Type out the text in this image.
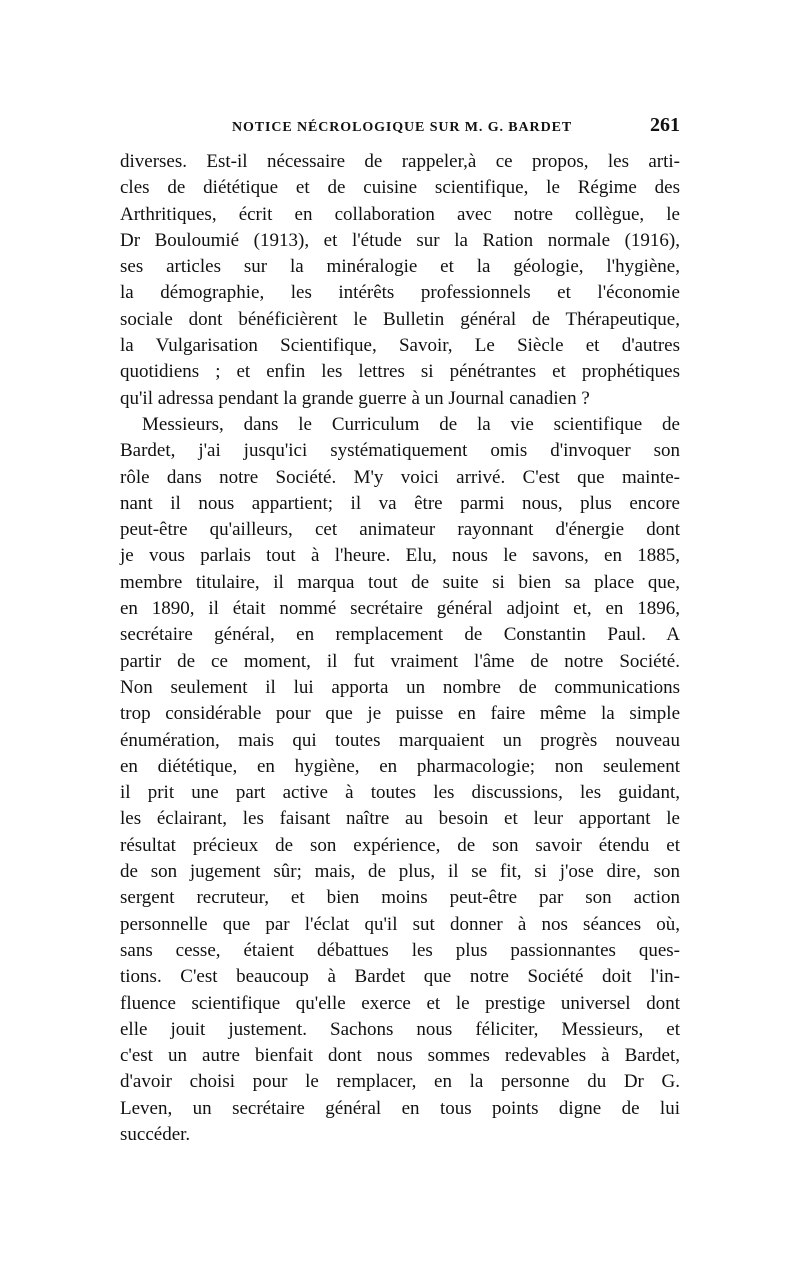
NOTICE NÉCROLOGIQUE SUR M. G. BARDET	261
diverses. Est-il nécessaire de rappeler,à ce propos, les arti-
cles de diététique et de cuisine scientifique, le Régime des
Arthritiques, écrit en collaboration avec notre collègue, le
Dr Bouloumié (1913), et l'étude sur la Ration normale (1916),
ses articles sur la minéralogie et la géologie, l'hygiène,
la démographie, les intérêts professionnels et l'économie
sociale dont bénéficièrent le Bulletin général de Thérapeutique,
la Vulgarisation Scientifique, Savoir, Le Siècle et d'autres
quotidiens ; et enfin les lettres si pénétrantes et prophétiques
qu'il adressa pendant la grande guerre à un Journal canadien ?
Messieurs, dans le Curriculum de la vie scientifique de
Bardet, j'ai jusqu'ici systématiquement omis d'invoquer son
rôle dans notre Société. M'y voici arrivé. C'est que mainte-
nant il nous appartient; il va être parmi nous, plus encore
peut-être qu'ailleurs, cet animateur rayonnant d'énergie dont
je vous parlais tout à l'heure. Elu, nous le savons, en 1885,
membre titulaire, il marqua tout de suite si bien sa place que,
en 1890, il était nommé secrétaire général adjoint et, en 1896,
secrétaire général, en remplacement de Constantin Paul. A
partir de ce moment, il fut vraiment l'âme de notre Société.
Non seulement il lui apporta un nombre de communications
trop considérable pour que je puisse en faire même la simple
énumération, mais qui toutes marquaient un progrès nouveau
en diététique, en hygiène, en pharmacologie; non seulement
il prit une part active à toutes les discussions, les guidant,
les éclairant, les faisant naître au besoin et leur apportant le
résultat précieux de son expérience, de son savoir étendu et
de son jugement sûr; mais, de plus, il se fit, si j'ose dire, son
sergent recruteur, et bien moins peut-être par son action
personnelle que par l'éclat qu'il sut donner à nos séances où,
sans cesse, étaient débattues les plus passionnantes ques-
tions. C'est beaucoup à Bardet que notre Société doit l'in-
fluence scientifique qu'elle exerce et le prestige universel dont
elle jouit justement. Sachons nous féliciter, Messieurs, et
c'est un autre bienfait dont nous sommes redevables à Bardet,
d'avoir choisi pour le remplacer, en la personne du Dr G.
Leven, un secrétaire général en tous points digne de lui
succéder.
